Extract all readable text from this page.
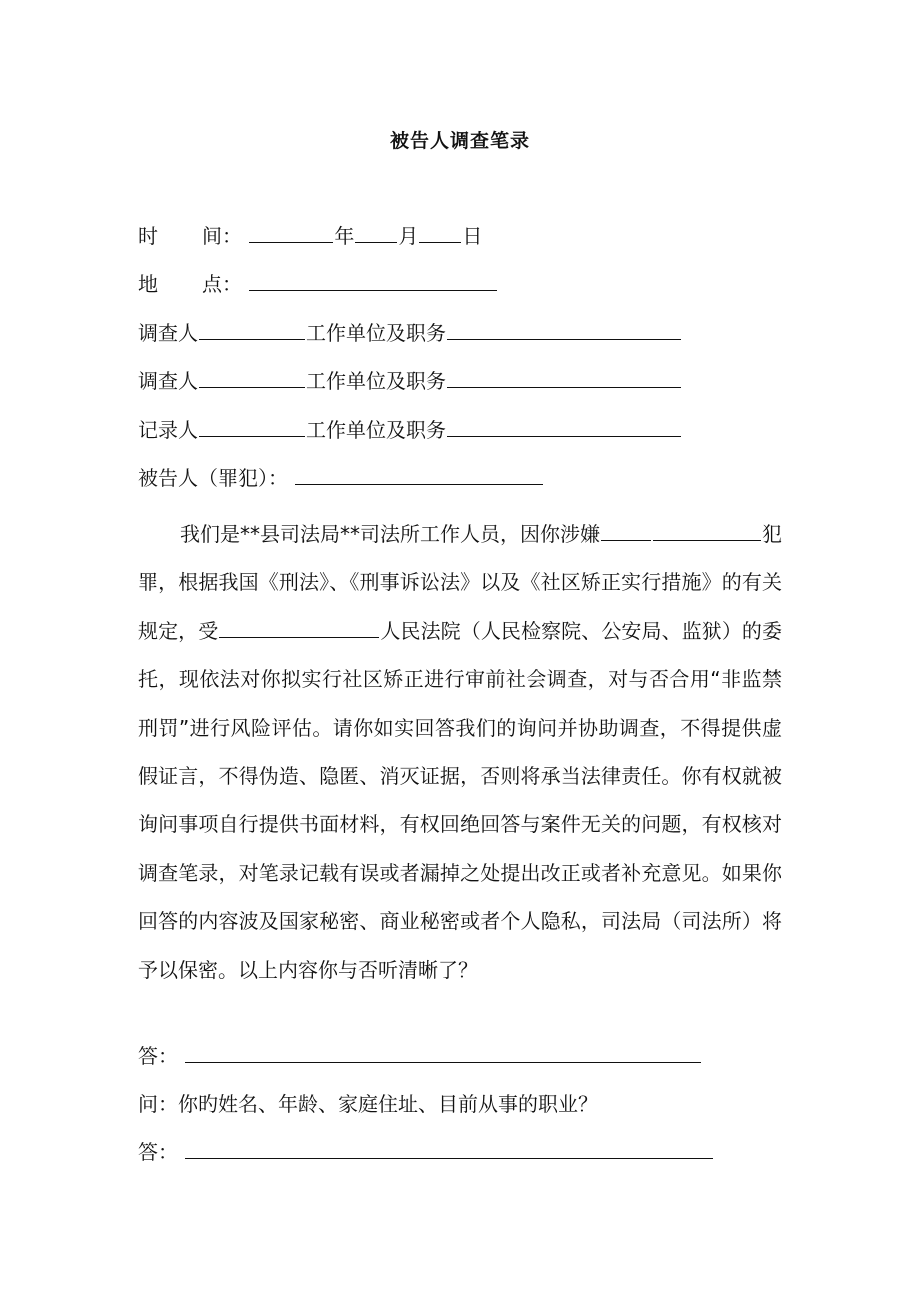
被告人调查笔录
时 间：	年 月 日
地 点：
调查人	工作单位及职务
调查人	工作单位及职务
记录人	工作单位及职务
被告人（罪犯）：
我们是**县司法局**司法所工作人员，因你涉嫌	犯罪，根据我国《刑法》、《刑事诉讼法》以及《社区矫正实行措施》的有关规定，受	人民法院（人民检察院、公安局、监狱）的委托，现依法对你拟实行社区矫正进行审前社会调查，对与否合用“非监禁刑罚”进行风险评估。请你如实回答我们的询问并协助调查，不得提供虚假证言，不得伪造、隐匿、消灭证据，否则将承当法律责任。你有权就被询问事项自行提供书面材料，有权回绝回答与案件无关的问题，有权核对调查笔录，对笔录记载有误或者漏掉之处提出改正或者补充意见。如果你回答的内容波及国家秘密、商业秘密或者个人隐私，司法局（司法所）将予以保密。以上内容你与否听清晰了？
答：
问：你旳姓名、年龄、家庭住址、目前从事的职业？
答：
